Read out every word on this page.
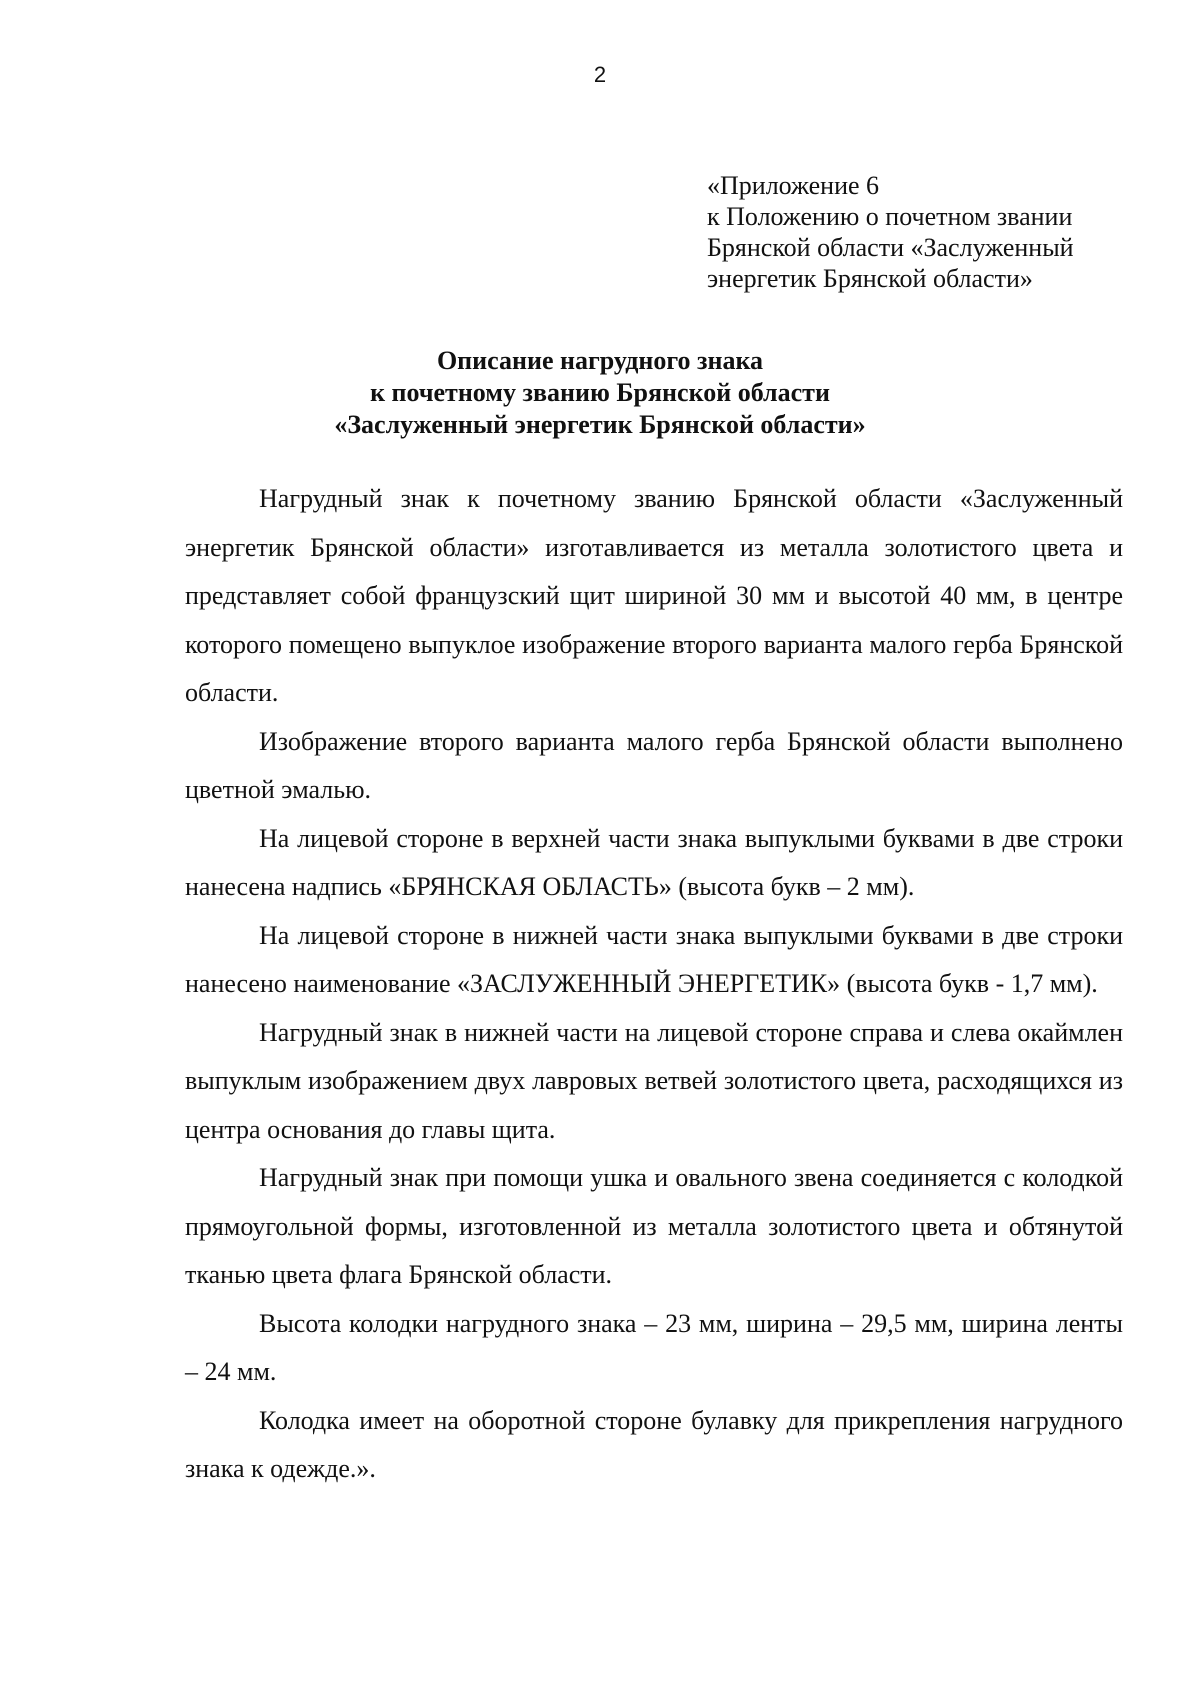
2
«Приложение 6
к Положению о почетном звании
Брянской области «Заслуженный
энергетик Брянской области»
Описание нагрудного знака
к почетному званию Брянской области
«Заслуженный энергетик Брянской области»

Нагрудный знак к почетному званию Брянской области «Заслуженный энергетик Брянской области» изготавливается из металла золотистого цвета и представляет собой французский щит шириной 30 мм и высотой 40 мм, в центре которого помещено выпуклое изображение второго варианта малого герба Брянской области.

Изображение второго варианта малого герба Брянской области выполнено цветной эмалью.

На лицевой стороне в верхней части знака выпуклыми буквами в две строки нанесена надпись «БРЯНСКАЯ ОБЛАСТЬ» (высота букв – 2 мм).

На лицевой стороне в нижней части знака выпуклыми буквами в две строки нанесено наименование «ЗАСЛУЖЕННЫЙ ЭНЕРГЕТИК» (высота букв - 1,7 мм).

Нагрудный знак в нижней части на лицевой стороне справа и слева окаймлен выпуклым изображением двух лавровых ветвей золотистого цвета, расходящихся из центра основания до главы щита.

Нагрудный знак при помощи ушка и овального звена соединяется с колодкой прямоугольной формы, изготовленной из металла золотистого цвета и обтянутой тканью цвета флага Брянской области.

Высота колодки нагрудного знака – 23 мм, ширина – 29,5 мм, ширина ленты – 24 мм.

Колодка имеет на оборотной стороне булавку для прикрепления нагрудного знака к одежде.».
